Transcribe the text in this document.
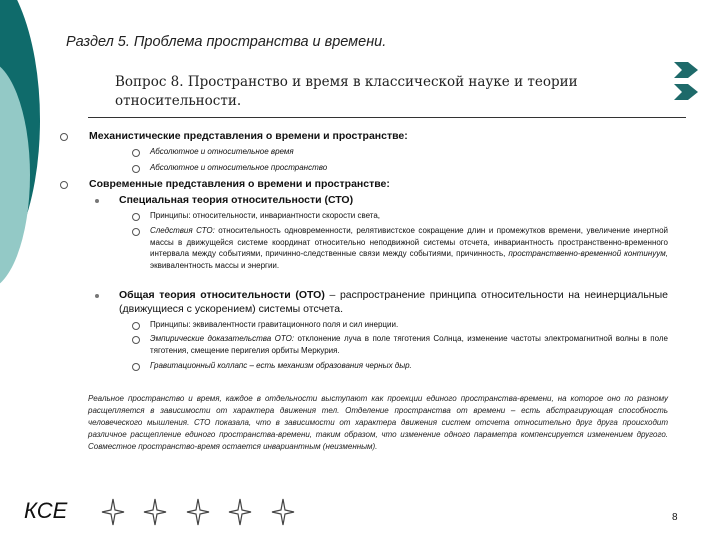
Раздел 5. Проблема пространства и времени.
Вопрос 8. Пространство и время в классической науке и теории
относительности.
Механистические представления о времени и пространстве:
Абсолютное и относительное время
Абсолютное и относительное пространство
Современные представления о времени и пространстве:
Специальная теория относительности (СТО)
Принципы: относительности, инвариантности скорости света,
Следствия СТО: относительность одновременности, релятивистское сокращение длин и промежутков времени, увеличение инертной массы в движущейся системе координат относительно неподвижной системы отсчета, инвариантность пространственно-временного интервала между событиями, причинно-следственные связи между событиями, причинность, пространственно-временной континуум, эквивалентность массы и энергии.
Общая теория относительности (ОТО) – распространение принципа относительности на неинерциальные (движущиеся с ускорением) системы отсчета.
Принципы: эквивалентности гравитационного поля и сил инерции.
Эмпирические доказательства ОТО: отклонение луча в поле тяготения Солнца, изменение частоты электромагнитной волны в поле тяготения, смещение перигелия орбиты Меркурия.
Гравитационный коллапс – есть механизм образования черных дыр.
Реальное пространство и время, каждое в отдельности выступают как проекции единого пространства-времени, на которое оно по разному расщепляется в зависимости от характера движения тел. Отделение пространства от времени – есть абстрагирующая способность человеческого мышления. СТО показала, что в зависимости от характера движения систем отсчета относительно друг друга происходит различное расщепление единого пространства-времени, таким образом, что изменение одного параметра компенсируется изменением другого. Совместное пространство-время остается инвариантным (неизменным).
КСЕ
	8
